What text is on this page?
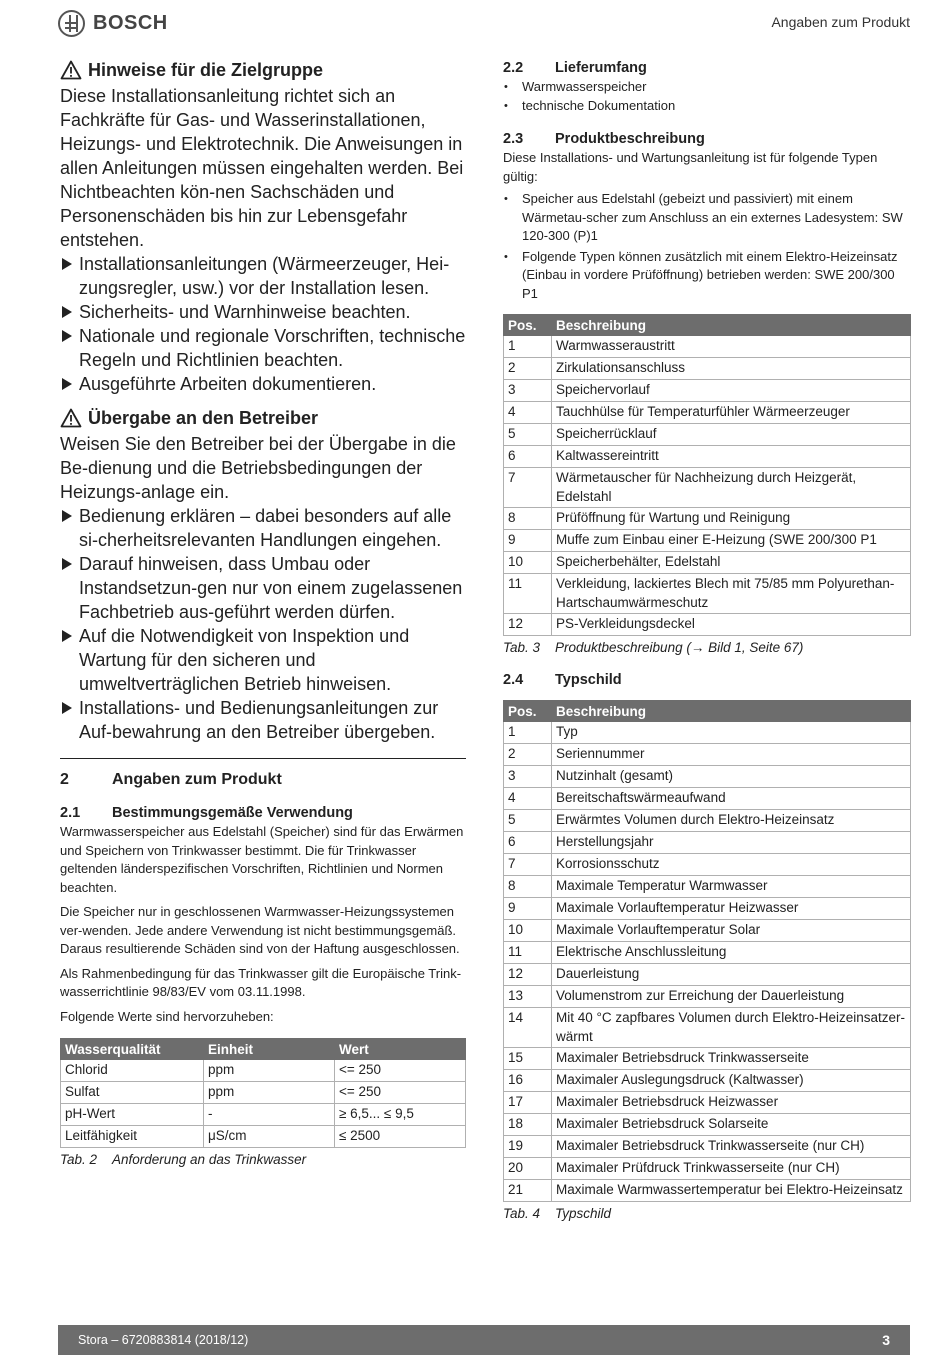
BOSCH	Angaben zum Produkt
Hinweise für die Zielgruppe

Diese Installationsanleitung richtet sich an Fachkräfte für Gas- und Wasserinstallationen, Heizungs- und Elektrotechnik. Die Anweisungen in allen Anleitungen müssen eingehalten werden. Bei Nichtbeachten kön-nen Sachschäden und Personenschäden bis hin zur Lebensgefahr entstehen.

Installationsanleitungen (Wärmeerzeuger, Hei-zungsregler, usw.) vor der Installation lesen.
Sicherheits- und Warnhinweise beachten.
Nationale und regionale Vorschriften, technische Regeln und Richtlinien beachten.
Ausgeführte Arbeiten dokumentieren.
Übergabe an den Betreiber

Weisen Sie den Betreiber bei der Übergabe in die Be-dienung und die Betriebsbedingungen der Heizungs-anlage ein.

Bedienung erklären – dabei besonders auf alle si-cherheitsrelevanten Handlungen eingehen.
Darauf hinweisen, dass Umbau oder Instandsetzun-gen nur von einem zugelassenen Fachbetrieb aus-geführt werden dürfen.
Auf die Notwendigkeit von Inspektion und Wartung für den sicheren und umweltverträglichen Betrieb hinweisen.
Installations- und Bedienungsanleitungen zur Auf-bewahrung an den Betreiber übergeben.
2	Angaben zum Produkt
2.1	Bestimmungsgemäße Verwendung

Warmwasserspeicher aus Edelstahl (Speicher) sind für das Erwärmen und Speichern von Trinkwasser bestimmt. Die für Trinkwasser geltenden länderspezifischen Vorschriften, Richtlinien und Normen beachten.

Die Speicher nur in geschlossenen Warmwasser-Heizungssystemen ver-wenden. Jede andere Verwendung ist nicht bestimmungsgemäß. Daraus resultierende Schäden sind von der Haftung ausgeschlossen.

Als Rahmenbedingung für das Trinkwasser gilt die Europäische Trink-wasserrichtlinie 98/83/EV vom 03.11.1998.

Folgende Werte sind hervorzuheben:

Wasserqualität	Einheit	Wert
Chlorid	ppm	<= 250
Sulfat	ppm	<= 250
pH-Wert	-	≥ 6,5... ≤ 9,5
Leitfähigkeit	μS/cm	≤ 2500
Tab. 2	Anforderung an das Trinkwasser
2.2	Lieferumfang
• Warmwasserspeicher
• technische Dokumentation
2.3	Produktbeschreibung

Diese Installations- und Wartungsanleitung ist für folgende Typen gültig:

• Speicher aus Edelstahl (gebeizt und passiviert) mit einem Wärmetau-scher zum Anschluss an ein externes Ladesystem: SW 120-300 (P)1
• Folgende Typen können zusätzlich mit einem Elektro-Heizeinsatz (Einbau in vordere Prüföffnung) betrieben werden: SWE 200/300 P1
Pos.	Beschreibung
1	Warmwasseraustritt
2	Zirkulationsanschluss
3	Speichervorlauf
4	Tauchhülse für Temperaturfühler Wärmeerzeuger
5	Speicherrücklauf
6	Kaltwassereintritt
7	Wärmetauscher für Nachheizung durch Heizgerät, Edelstahl
8	Prüföffnung für Wartung und Reinigung
9	Muffe zum Einbau einer E-Heizung (SWE 200/300 P1
10	Speicherbehälter, Edelstahl
11	Verkleidung, lackiertes Blech mit 75/85 mm Polyurethan-Hartschaumwärmeschutz
12	PS-Verkleidungsdeckel
Tab. 3	Produktbeschreibung (→ Bild 1, Seite 67)
2.4	Typschild
Pos.	Beschreibung
1	Typ
2	Seriennummer
3	Nutzinhalt (gesamt)
4	Bereitschaftswärmeaufwand
5	Erwärmtes Volumen durch Elektro-Heizeinsatz
6	Herstellungsjahr
7	Korrosionsschutz
8	Maximale Temperatur Warmwasser
9	Maximale Vorlauftemperatur Heizwasser
10	Maximale Vorlauftemperatur Solar
11	Elektrische Anschlussleitung
12	Dauerleistung
13	Volumenstrom zur Erreichung der Dauerleistung
14	Mit 40 °C zapfbares Volumen durch Elektro-Heizeinsatzer-wärmt
15	Maximaler Betriebsdruck Trinkwasserseite
16	Maximaler Auslegungsdruck (Kaltwasser)
17	Maximaler Betriebsdruck Heizwasser
18	Maximaler Betriebsdruck Solarseite
19	Maximaler Betriebsdruck Trinkwasserseite (nur CH)
20	Maximaler Prüfdruck Trinkwasserseite (nur CH)
21	Maximale Warmwassertemperatur bei Elektro-Heizeinsatz
Tab. 4	Typschild
Stora – 6720883814 (2018/12)	3
